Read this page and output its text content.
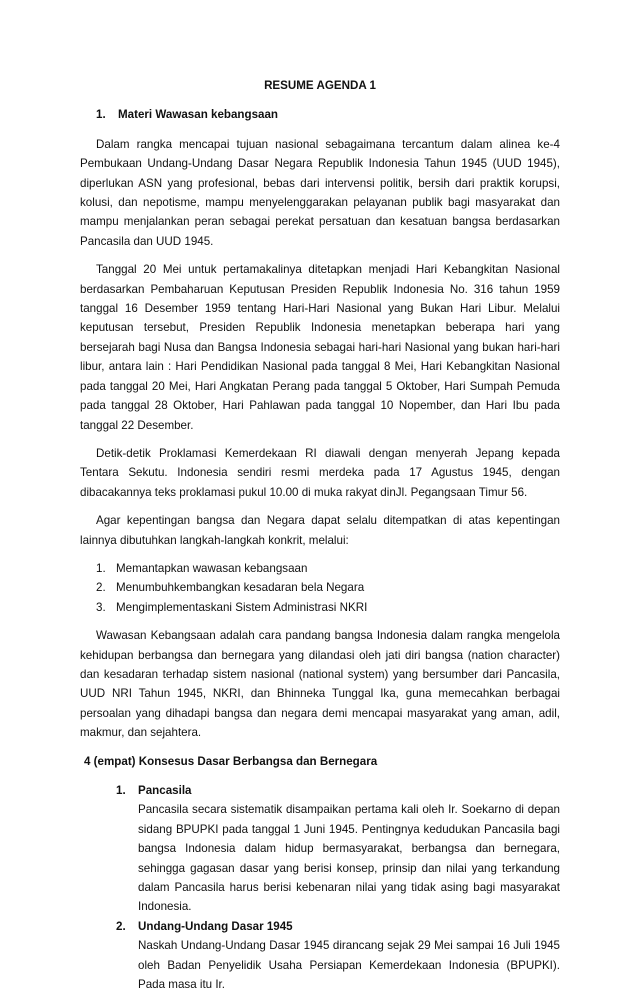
RESUME AGENDA 1
1. Materi Wawasan kebangsaan

Dalam rangka mencapai tujuan nasional sebagaimana tercantum dalam alinea ke-4 Pembukaan Undang-Undang Dasar Negara Republik Indonesia Tahun 1945 (UUD 1945), diperlukan ASN yang profesional, bebas dari intervensi politik, bersih dari praktik korupsi, kolusi, dan nepotisme, mampu menyelenggarakan pelayanan publik bagi masyarakat dan mampu menjalankan peran sebagai perekat persatuan dan kesatuan bangsa berdasarkan Pancasila dan UUD 1945.

Tanggal 20 Mei untuk pertamakalinya ditetapkan menjadi Hari Kebangkitan Nasional berdasarkan Pembaharuan Keputusan Presiden Republik Indonesia No. 316 tahun 1959 tanggal 16 Desember 1959 tentang Hari-Hari Nasional yang Bukan Hari Libur. Melalui keputusan tersebut, Presiden Republik Indonesia menetapkan beberapa hari yang bersejarah bagi Nusa dan Bangsa Indonesia sebagai hari-hari Nasional yang bukan hari-hari libur, antara lain : Hari Pendidikan Nasional pada tanggal 8 Mei, Hari Kebangkitan Nasional pada tanggal 20 Mei, Hari Angkatan Perang pada tanggal 5 Oktober, Hari Sumpah Pemuda pada tanggal 28 Oktober, Hari Pahlawan pada tanggal 10 Nopember, dan Hari Ibu pada tanggal 22 Desember.

Detik-detik Proklamasi Kemerdekaan RI diawali dengan menyerah Jepang kepada Tentara Sekutu. Indonesia sendiri resmi merdeka pada 17 Agustus 1945, dengan dibacakannya teks proklamasi pukul 10.00 di muka rakyat dinJl. Pegangsaan Timur 56.

Agar kepentingan bangsa dan Negara dapat selalu ditempatkan di atas kepentingan lainnya dibutuhkan langkah-langkah konkrit, melalui:

1. Memantapkan wawasan kebangsaan
2. Menumbuhkembangkan kesadaran bela Negara
3. Mengimplementaskani Sistem Administrasi NKRI

Wawasan Kebangsaan adalah cara pandang bangsa Indonesia dalam rangka mengelola kehidupan berbangsa dan bernegara yang dilandasi oleh jati diri bangsa (nation character) dan kesadaran terhadap sistem nasional (national system) yang bersumber dari Pancasila, UUD NRI Tahun 1945, NKRI, dan Bhinneka Tunggal Ika, guna memecahkan berbagai persoalan yang dihadapi bangsa dan negara demi mencapai masyarakat yang aman, adil, makmur, dan sejahtera.

4 (empat) Konsesus Dasar Berbangsa dan Bernegara
1. Pancasila
Pancasila secara sistematik disampaikan pertama kali oleh Ir. Soekarno di depan sidang BPUPKI pada tanggal 1 Juni 1945. Pentingnya kedudukan Pancasila bagi bangsa Indonesia dalam hidup bermasyarakat, berbangsa dan bernegara, sehingga gagasan dasar yang berisi konsep, prinsip dan nilai yang terkandung dalam Pancasila harus berisi kebenaran nilai yang tidak asing bagi masyarakat Indonesia.
2. Undang-Undang Dasar 1945
Naskah Undang-Undang Dasar 1945 dirancang sejak 29 Mei sampai 16 Juli 1945 oleh Badan Penyelidik Usaha Persiapan Kemerdekaan Indonesia (BPUPKI). Pada masa itu Ir.
